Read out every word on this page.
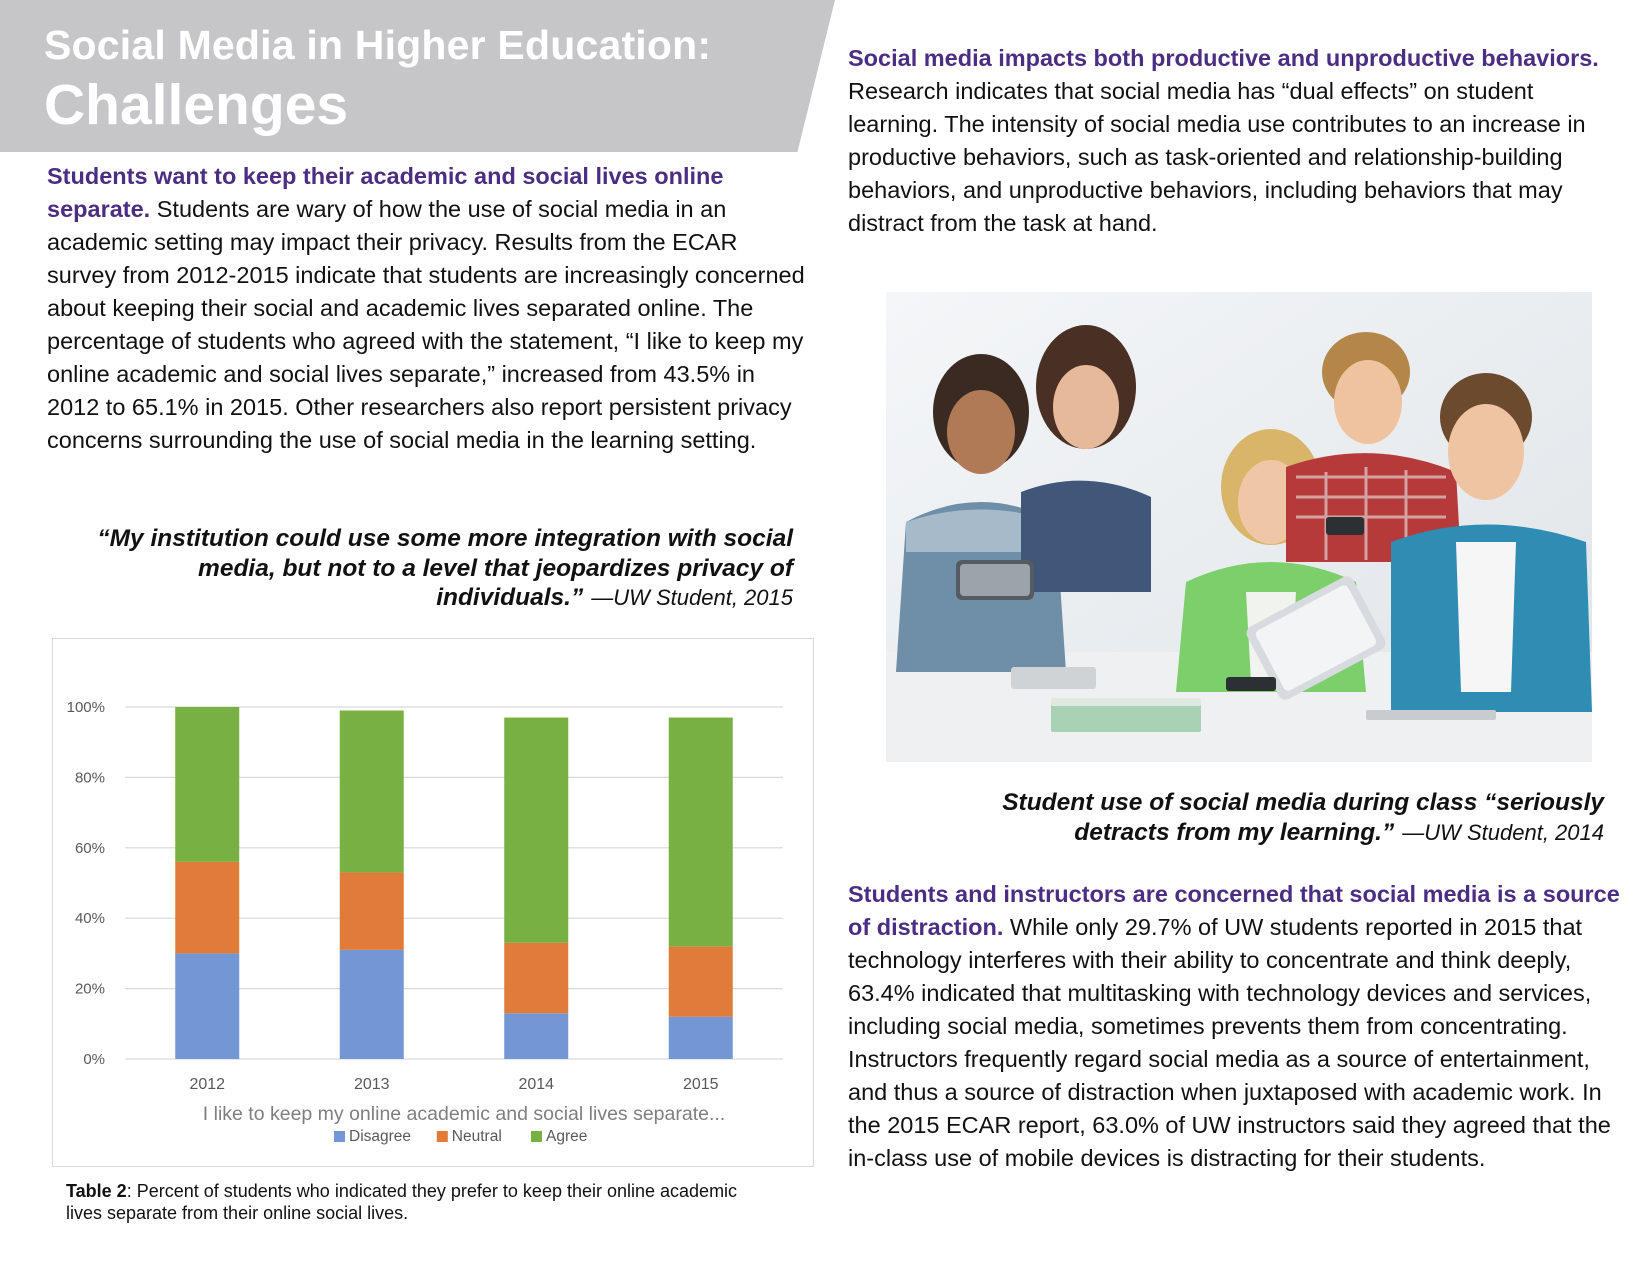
Social Media in Higher Education:
Challenges
Students want to keep their academic and social lives online separate. Students are wary of how the use of social media in an academic setting may impact their privacy. Results from the ECAR survey from 2012-2015 indicate that students are increasingly concerned about keeping their social and academic lives separated online. The percentage of students who agreed with the statement, “I like to keep my online academic and social lives separate,” increased from 43.5% in 2012 to 65.1% in 2015. Other researchers also report persistent privacy concerns surrounding the use of social media in the learning setting.
“My institution could use some more integration with social media, but not to a level that jeopardizes privacy of individuals.” —UW Student, 2015
0%
20%
40%
60%
80%
100%
2012	2013	2014	2015
I like to keep my online academic and social lives separate...
Disagree	Neutral	Agree
Table 2: Percent of students who indicated they prefer to keep their online academic lives separate from their online social lives.
Social media impacts both productive and unproductive behaviors. Research indicates that social media has “dual effects” on student learning. The intensity of social media use contributes to an increase in productive behaviors, such as task-oriented and relationship-building behaviors, and unproductive behaviors, including behaviors that may distract from the task at hand.
Student use of social media during class “seriously detracts from my learning.” —UW Student, 2014
Students and instructors are concerned that social media is a source of distraction. While only 29.7% of UW students reported in 2015 that technology interferes with their ability to concentrate and think deeply, 63.4% indicated that multitasking with technology devices and services, including social media, sometimes prevents them from concentrating. Instructors frequently regard social media as a source of entertainment, and thus a source of distraction when juxtaposed with academic work. In the 2015 ECAR report, 63.0% of UW instructors said they agreed that the in-class use of mobile devices is distracting for their students.
